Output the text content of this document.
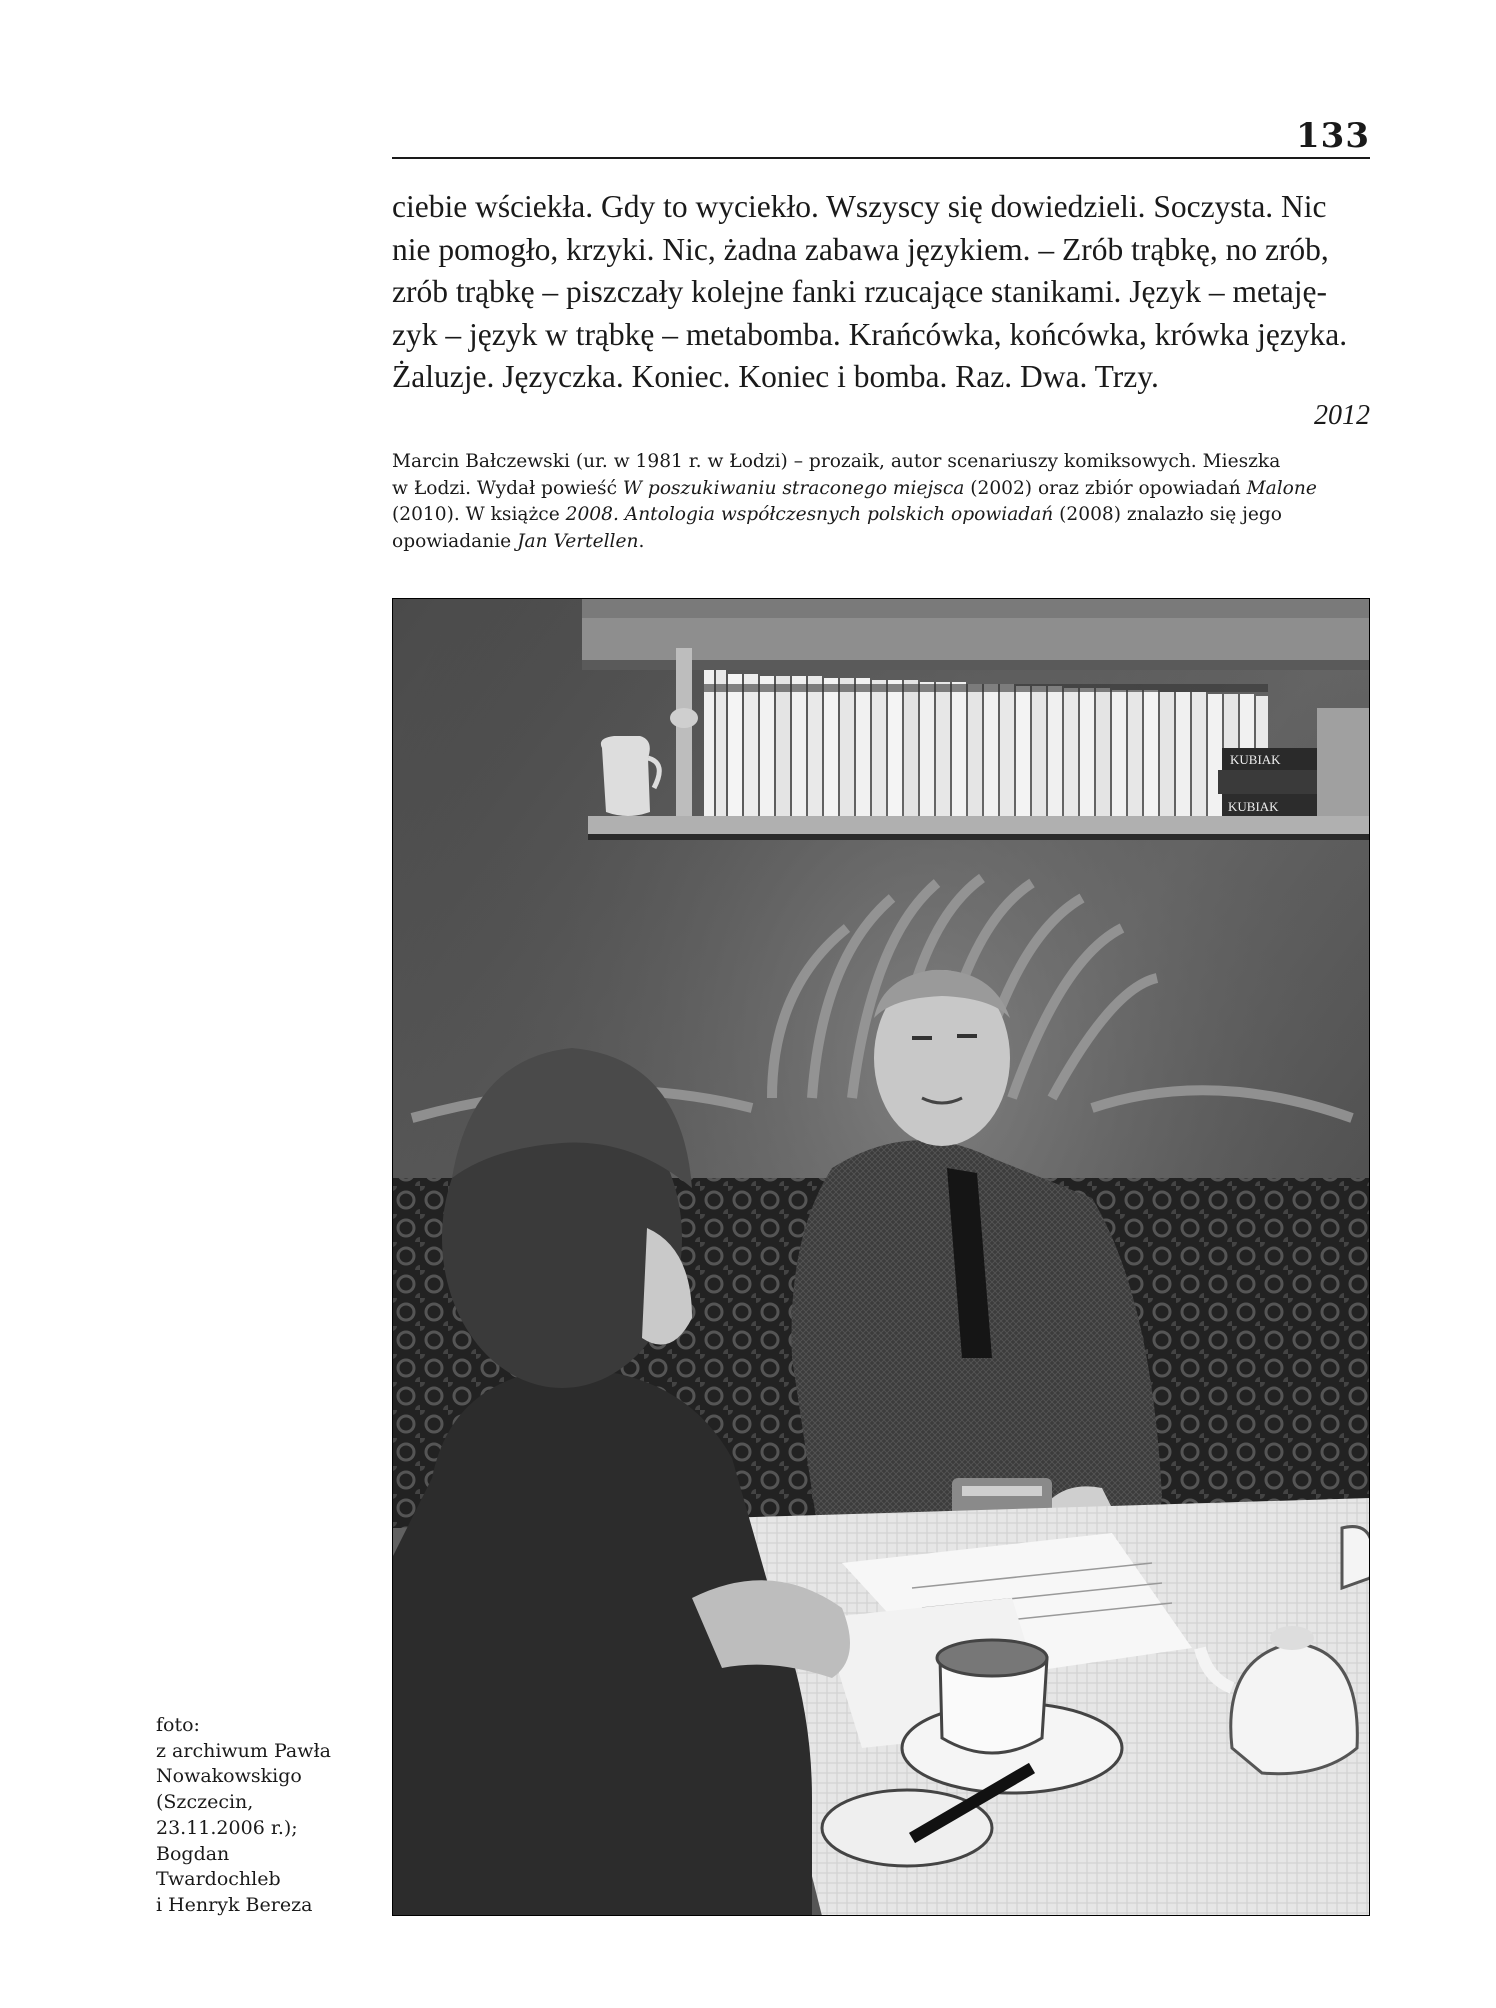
133

ciebie wściekła. Gdy to wyciekło. Wszyscy się dowiedzieli. Soczysta. Nic

nie pomogło, krzyki. Nic, żadna zabawa językiem. – Zrób trąbkę, no zrób,

zrób trąbkę – piszczały kolejne fanki rzucające stanikami. Język – metaję-

zyk – język w trąbkę – metabomba. Krańcówka, końcówka, krówka języka.

Żaluzje. Języczka. Koniec. Koniec i bomba. Raz. Dwa. Trzy.

2012

Marcin Bałczewski (ur. w 1981 r. w Łodzi) – prozaik, autor scenariuszy komiksowych. Mieszka

w Łodzi. Wydał powieść W poszukiwaniu straconego miejsca (2002) oraz zbiór opowiadań Malone

(2010). W książce 2008. Antologia współczesnych polskich opowiadań (2008) znalazło się jego

opowiadanie Jan Vertellen.

KUBIAK
KUBIAK
foto:
z archiwum Pawła
Nowakowskigo
(Szczecin,
23.11.2006 r.);
Bogdan
Twardochleb
i Henryk Bereza
